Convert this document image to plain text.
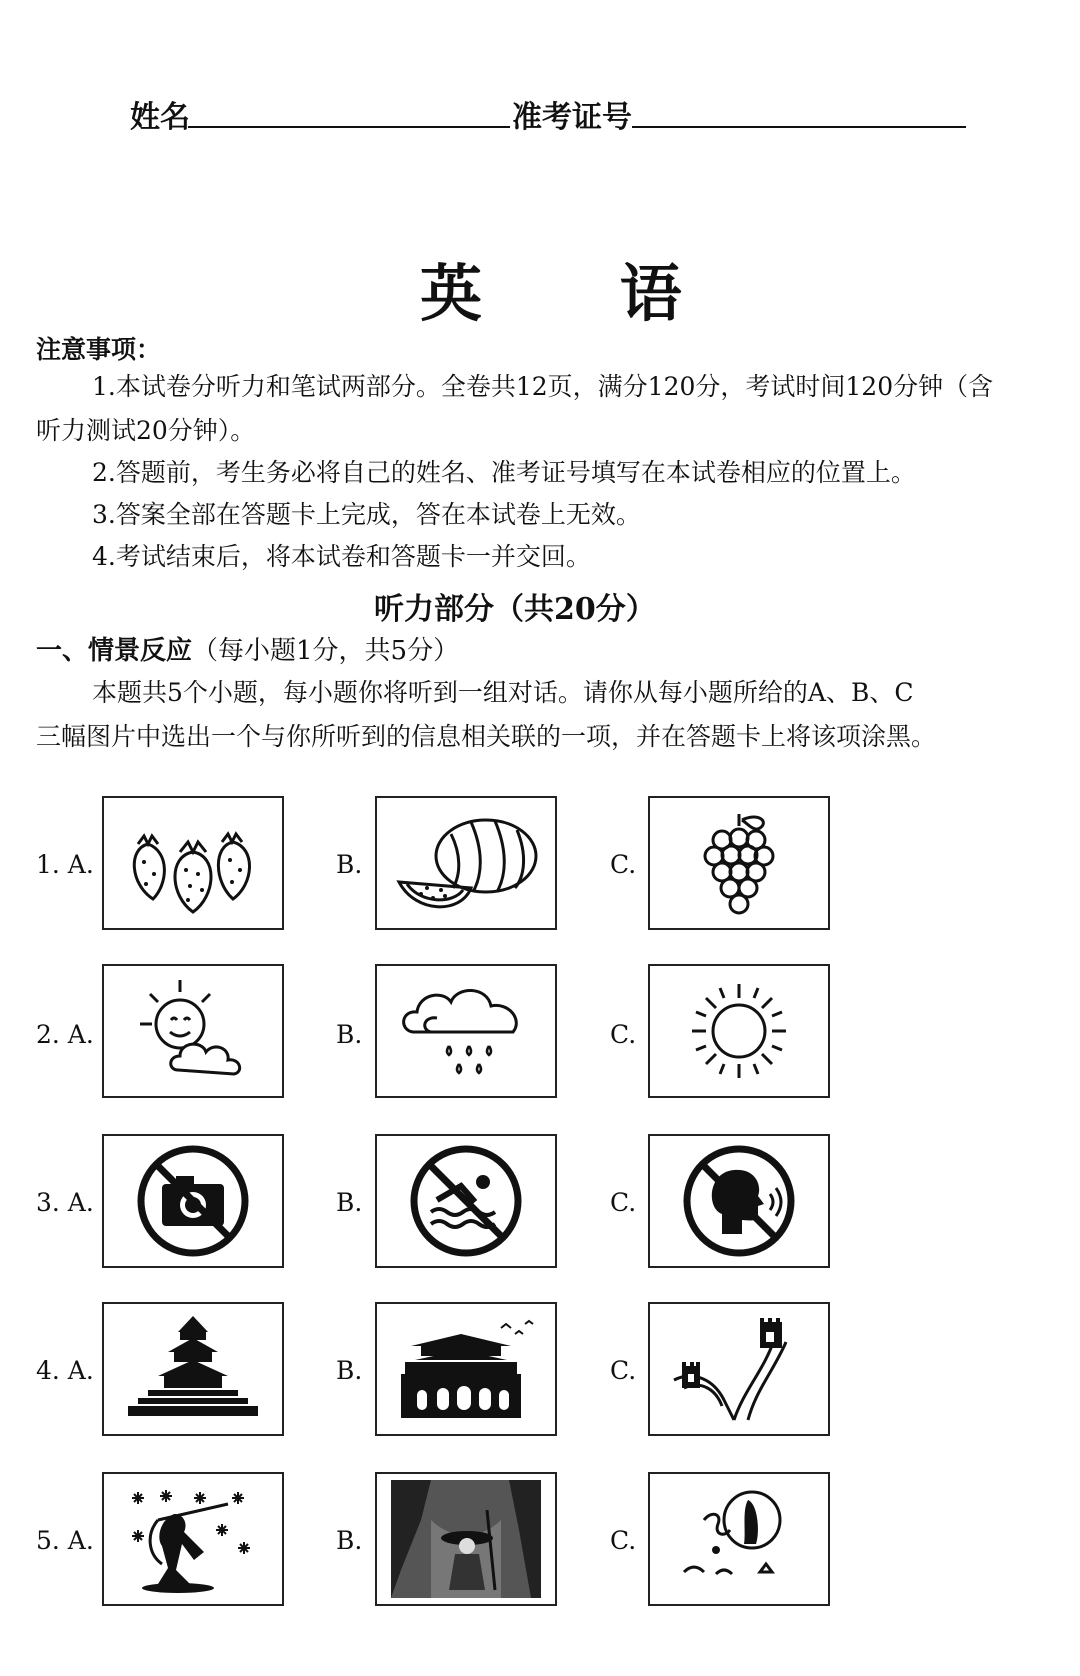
姓名	准考证号
英 语
注意事项：
1.本试卷分听力和笔试两部分。全卷共12页，满分120分，考试时间120分钟（含
听力测试20分钟）。
2.答题前，考生务必将自己的姓名、准考证号填写在本试卷相应的位置上。
3.答案全部在答题卡上完成，答在本试卷上无效。
4.考试结束后，将本试卷和答题卡一并交回。
听力部分（共20分）
一、情景反应（每小题1分，共5分）
本题共5个小题，每小题你将听到一组对话。请你从每小题所给的A、B、C
三幅图片中选出一个与你所听到的信息相关联的一项，并在答题卡上将该项涂黑。
1. A.	B.	C.
2. A.	B.	C.
3. A.	B.	C.
4. A.	B.	C.
5. A.	B.	C.
